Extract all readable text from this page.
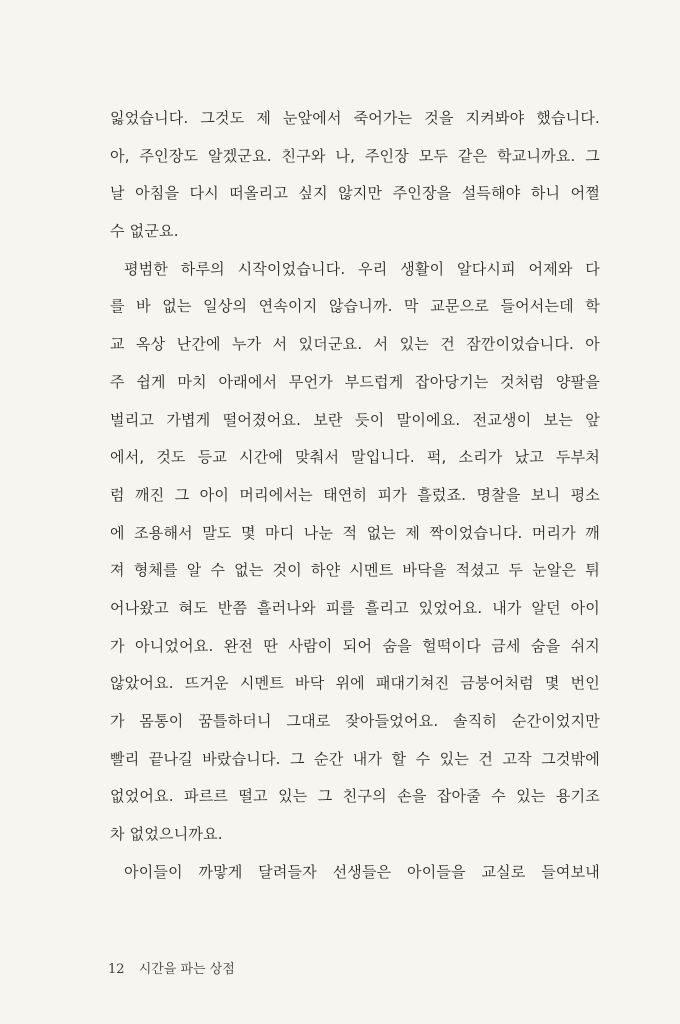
잃었습니다. 그것도 제 눈앞에서 죽어가는 것을 지켜봐야 했습니다.
아, 주인장도 알겠군요. 친구와 나, 주인장 모두 같은 학교니까요. 그
날 아침을 다시 떠올리고 싶지 않지만 주인장을 설득해야 하니 어쩔
수 없군요.
평범한 하루의 시작이었습니다. 우리 생활이 알다시피 어제와 다
를 바 없는 일상의 연속이지 않습니까. 막 교문으로 들어서는데 학
교 옥상 난간에 누가 서 있더군요. 서 있는 건 잠깐이었습니다. 아
주 쉽게 마치 아래에서 무언가 부드럽게 잡아당기는 것처럼 양팔을
벌리고 가볍게 떨어졌어요. 보란 듯이 말이에요. 전교생이 보는 앞
에서, 것도 등교 시간에 맞춰서 말입니다. 퍽, 소리가 났고 두부처
럼 깨진 그 아이 머리에서는 태연히 피가 흘렀죠. 명찰을 보니 평소
에 조용해서 말도 몇 마디 나눈 적 없는 제 짝이었습니다. 머리가 깨
져 형체를 알 수 없는 것이 하얀 시멘트 바닥을 적셨고 두 눈알은 튀
어나왔고 혀도 반쯤 흘러나와 피를 흘리고 있었어요. 내가 알던 아이
가 아니었어요. 완전 딴 사람이 되어 숨을 헐떡이다 금세 숨을 쉬지
않았어요. 뜨거운 시멘트 바닥 위에 패대기쳐진 금붕어처럼 몇 번인
가 몸통이 꿈틀하더니 그대로 잦아들었어요. 솔직히 순간이었지만
빨리 끝나길 바랐습니다. 그 순간 내가 할 수 있는 건 고작 그것밖에
없었어요. 파르르 떨고 있는 그 친구의 손을 잡아줄 수 있는 용기조
차 없었으니까요.
아이들이 까맣게 달려들자 선생들은 아이들을 교실로 들여보내
12 시간을 파는 상점
